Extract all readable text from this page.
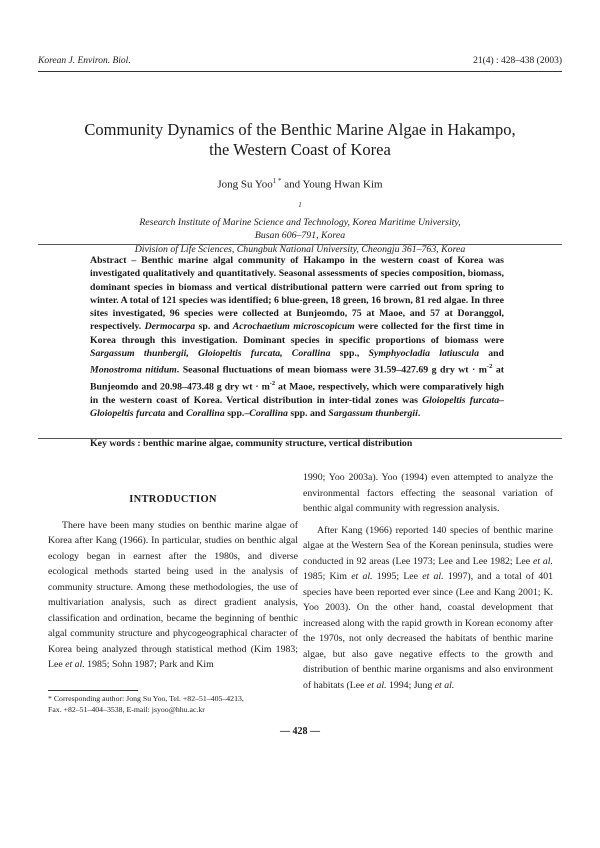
Korean J. Environ. Biol.	21(4) : 428–438 (2003)
Community Dynamics of the Benthic Marine Algae in Hakampo,
the Western Coast of Korea
Jong Su Yoo$^{1 *}$ and Young Hwan Kim
$^1$
Research Institute of Marine Science and Technology, Korea Maritime University,
Busan 606–791, Korea
Division of Life Sciences, Chungbuk National University, Cheongju 361–763, Korea

Abstract – Benthic marine algal community of Hakampo in the western coast of Korea was investigated qualitatively and quantitatively. Seasonal assessments of species composition, biomass, dominant species in biomass and vertical distributional pattern were carried out from spring to winter. A total of 121 species was identified; 6 blue-green, 18 green, 16 brown, 81 red algae. In three sites investigated, 96 species were collected at Bunjeomdo, 75 at Maoe, and 57 at Doranggol, respectively. Dermocarpa sp. and Acrochaetium microscopicum were collected for the first time in Korea through this investigation. Dominant species in specific proportions of biomass were Sargassum thunbergii, Gloiopeltis furcata, Corallina spp., Symphyocladia latiuscula and Monostroma nitidum. Seasonal fluctuations of mean biomass were 31.59–427.69 g dry wt · $m^{-2}$ at Bunjeomdo and 20.98–473.48 g dry wt · $m^{-2}$ at Maoe, respectively, which were comparatively high in the western coast of Korea. Vertical distribution in inter-tidal zones was Gloiopeltis furcata–Gloiopeltis furcata and Corallina spp.–Corallina spp. and Sargassum thunbergii.

Key words : benthic marine algae, community structure, vertical distribution
INTRODUCTION

There have been many studies on benthic marine algae of Korea after Kang (1966). In particular, studies on benthic algal ecology began in earnest after the 1980s, and diverse ecological methods started being used in the analysis of community structure. Among these methodologies, the use of multivariation analysis, such as direct gradient analysis, classification and ordination, became the beginning of benthic algal community structure and phycogeographical character of Korea being analyzed through statistical method (Kim 1983; Lee et al. 1985; Sohn 1987; Park and Kim

1990; Yoo 2003a). Yoo (1994) even attempted to analyze the environmental factors effecting the seasonal variation of benthic algal community with regression analysis.

After Kang (1966) reported 140 species of benthic marine algae at the Western Sea of the Korean peninsula, studies were conducted in 92 areas (Lee 1973; Lee and Lee 1982; Lee et al. 1985; Kim et al. 1995; Lee et al. 1997), and a total of 401 species have been reported ever since (Lee and Kang 2001; K. Yoo 2003). On the other hand, coastal development that increased along with the rapid growth in Korean economy after the 1970s, not only decreased the habitats of benthic marine algae, but also gave negative effects to the growth and distribution of benthic marine organisms and also environment of habitats (Lee et al. 1994; Jung et al.

* Corresponding author: Jong Su Yoo, Tel. +82–51–405–4213,
Fax. +82–51–404–3538, E-mail: jsyoo@hhu.ac.kr
— 428 —
